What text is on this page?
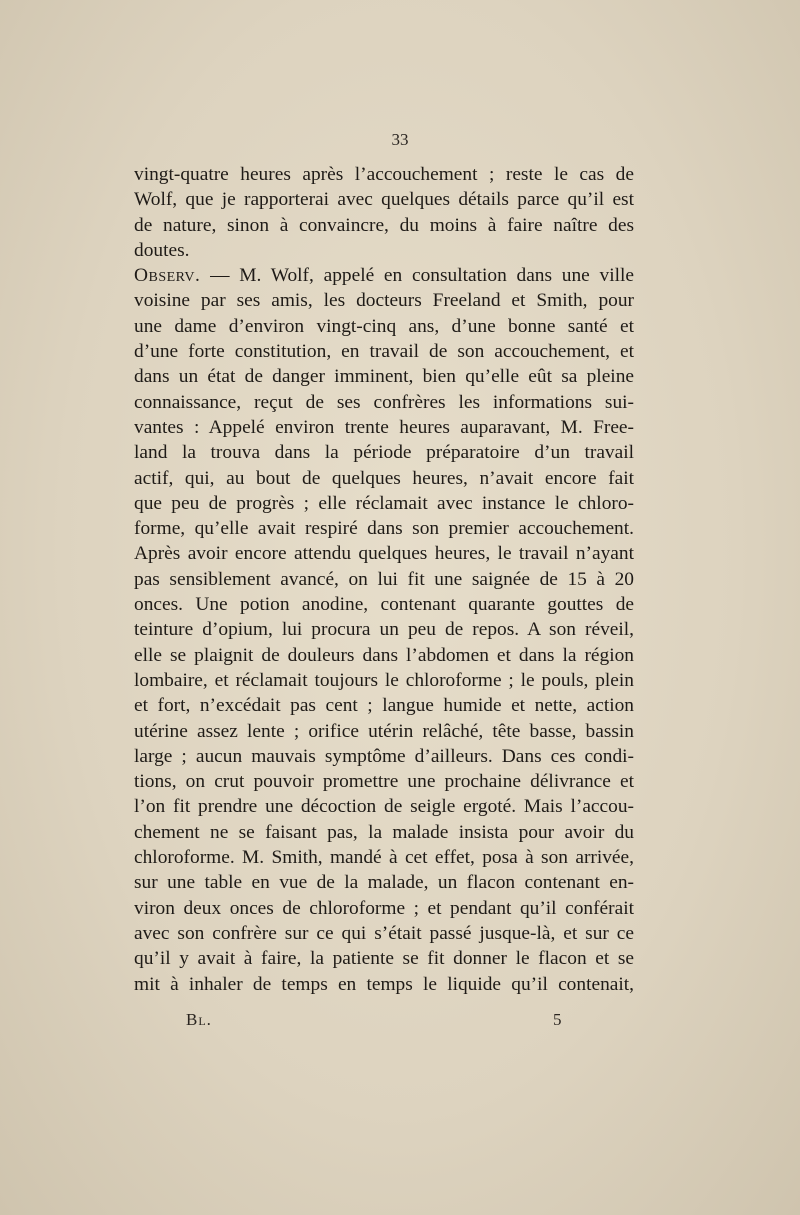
33
vingt-quatre heures après l’accouchement ; reste le cas de
Wolf, que je rapporterai avec quelques détails parce qu’il est
de nature, sinon à convaincre, du moins à faire naître des
doutes.
Observ. — M. Wolf, appelé en consultation dans une ville
voisine par ses amis, les docteurs Freeland et Smith, pour
une dame d’environ vingt-cinq ans, d’une bonne santé et
d’une forte constitution, en travail de son accouchement, et
dans un état de danger imminent, bien qu’elle eût sa pleine
connaissance, reçut de ses confrères les informations sui-
vantes : Appelé environ trente heures auparavant, M. Free-
land la trouva dans la période préparatoire d’un travail
actif, qui, au bout de quelques heures, n’avait encore fait
que peu de progrès ; elle réclamait avec instance le chloro-
forme, qu’elle avait respiré dans son premier accouchement.
Après avoir encore attendu quelques heures, le travail n’ayant
pas sensiblement avancé, on lui fit une saignée de 15 à 20
onces. Une potion anodine, contenant quarante gouttes de
teinture d’opium, lui procura un peu de repos. A son réveil,
elle se plaignit de douleurs dans l’abdomen et dans la région
lombaire, et réclamait toujours le chloroforme ; le pouls, plein
et fort, n’excédait pas cent ; langue humide et nette, action
utérine assez lente ; orifice utérin relâché, tête basse, bassin
large ; aucun mauvais symptôme d’ailleurs. Dans ces condi-
tions, on crut pouvoir promettre une prochaine délivrance et
l’on fit prendre une décoction de seigle ergoté. Mais l’accou-
chement ne se faisant pas, la malade insista pour avoir du
chloroforme. M. Smith, mandé à cet effet, posa à son arrivée,
sur une table en vue de la malade, un flacon contenant en-
viron deux onces de chloroforme ; et pendant qu’il conférait
avec son confrère sur ce qui s’était passé jusque-là, et sur ce
qu’il y avait à faire, la patiente se fit donner le flacon et se
mit à inhaler de temps en temps le liquide qu’il contenait,
Bl.	5
